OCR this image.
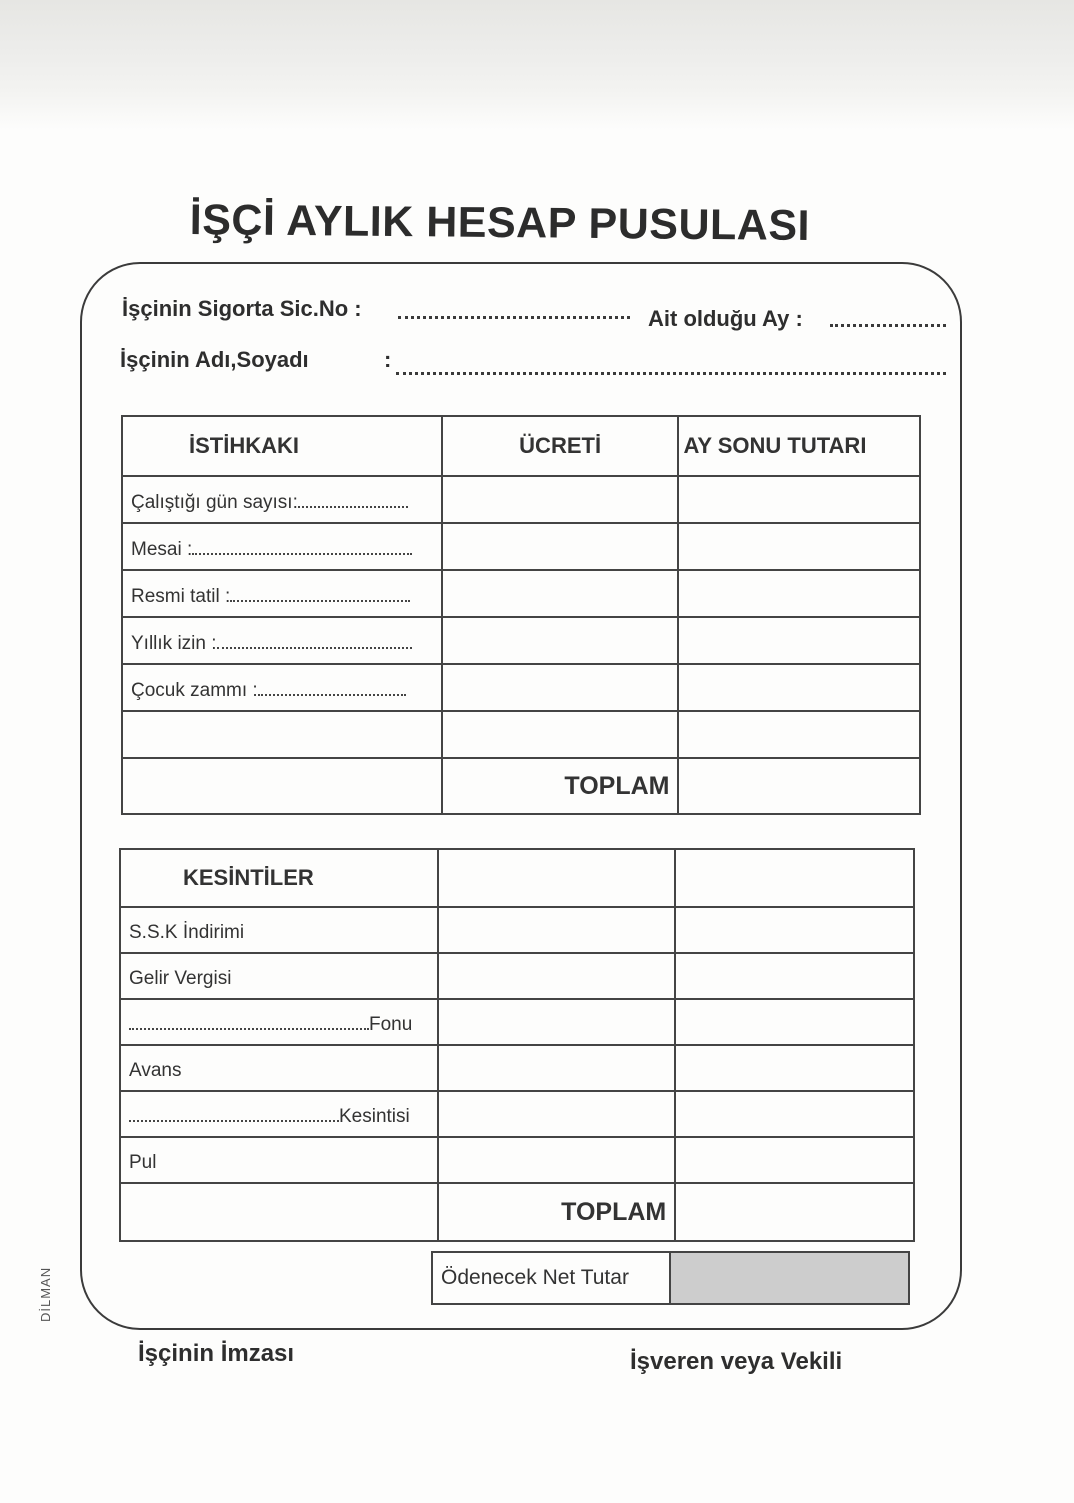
İŞÇİ AYLIK HESAP PUSULASI
İşçinin Sigorta Sic.No :	Ait olduğu Ay :
İşçinin Adı,Soyadı	:
İSTİHKAKI	ÜCRETİ	AY SONU TUTARI
Çalıştığı gün sayısı:		
Mesai :		
Resmi tatil :		
Yıllık izin :		
Çocuk zammı :		

	TOPLAM	
KESİNTİLER		
S.S.K İndirimi		
Gelir Vergisi		
Fonu		
Avans		
Kesintisi		
Pul		
	TOPLAM	
Ödenecek Net Tutar	
İşçinin İmzası	İşveren veya Vekili
DİLMAN
